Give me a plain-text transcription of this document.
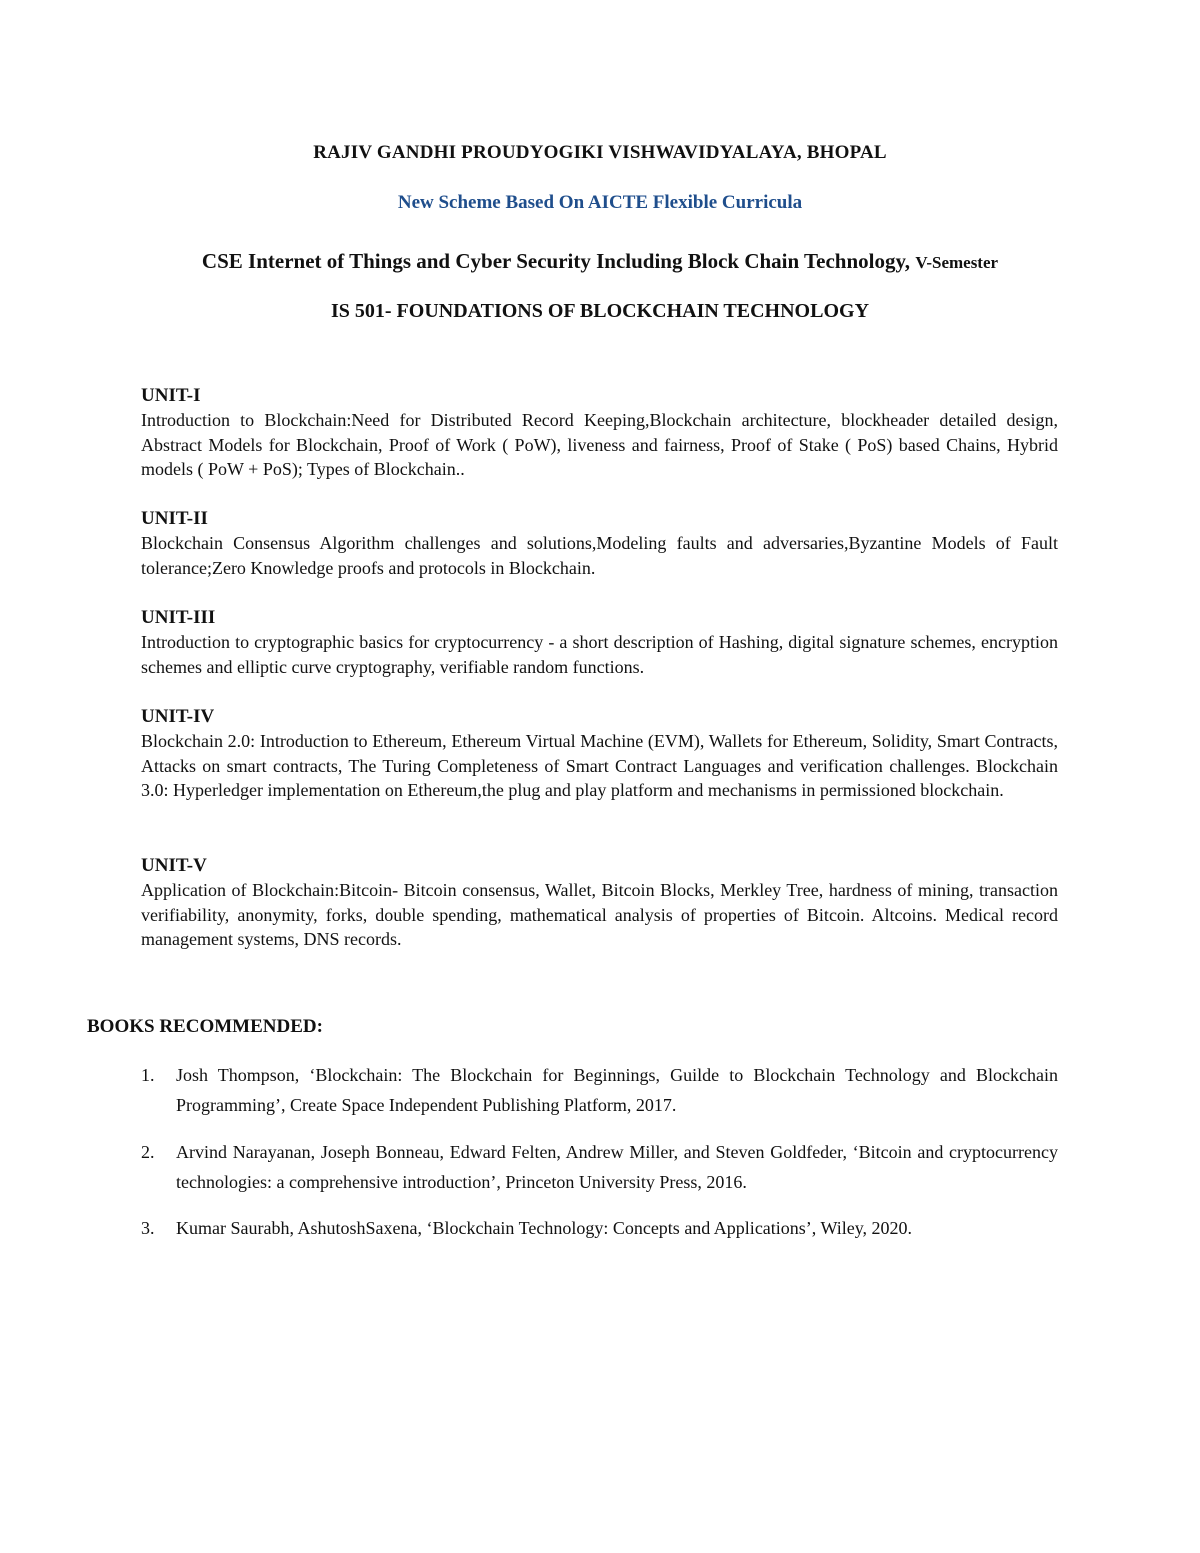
RAJIV GANDHI PROUDYOGIKI VISHWAVIDYALAYA, BHOPAL
New Scheme Based On AICTE Flexible Curricula
CSE Internet of Things and Cyber Security Including Block Chain Technology, V-Semester
IS 501- FOUNDATIONS OF BLOCKCHAIN TECHNOLOGY
UNIT-I

Introduction to Blockchain:Need for Distributed Record Keeping,Blockchain architecture, blockheader detailed design, Abstract Models for Blockchain, Proof of Work ( PoW), liveness and fairness, Proof of Stake ( PoS) based Chains, Hybrid models ( PoW + PoS); Types of Blockchain..

UNIT-II

Blockchain Consensus Algorithm challenges and solutions,Modeling faults and adversaries,Byzantine Models of Fault tolerance;Zero Knowledge proofs and protocols in Blockchain.

UNIT-III

Introduction to cryptographic basics for cryptocurrency - a short description of Hashing, digital signature schemes, encryption schemes and elliptic curve cryptography, verifiable random functions.

UNIT-IV

Blockchain 2.0: Introduction to Ethereum, Ethereum Virtual Machine (EVM), Wallets for Ethereum, Solidity, Smart Contracts, Attacks on smart contracts, The Turing Completeness of Smart Contract Languages and verification challenges. Blockchain 3.0: Hyperledger implementation on Ethereum,the plug and play platform and mechanisms in permissioned blockchain.

UNIT-V

Application of Blockchain:Bitcoin- Bitcoin consensus, Wallet, Bitcoin Blocks, Merkley Tree, hardness of mining, transaction verifiability, anonymity, forks, double spending, mathematical analysis of properties of Bitcoin. Altcoins. Medical record management systems, DNS records.

BOOKS RECOMMENDED:
1. Josh Thompson, ‘Blockchain: The Blockchain for Beginnings, Guilde to Blockchain Technology and Blockchain Programming’, Create Space Independent Publishing Platform, 2017.
2. Arvind Narayanan, Joseph Bonneau, Edward Felten, Andrew Miller, and Steven Goldfeder, ‘Bitcoin and cryptocurrency technologies: a comprehensive introduction’, Princeton University Press, 2016.
3. Kumar Saurabh, AshutoshSaxena, ‘Blockchain Technology: Concepts and Applications’, Wiley, 2020.
